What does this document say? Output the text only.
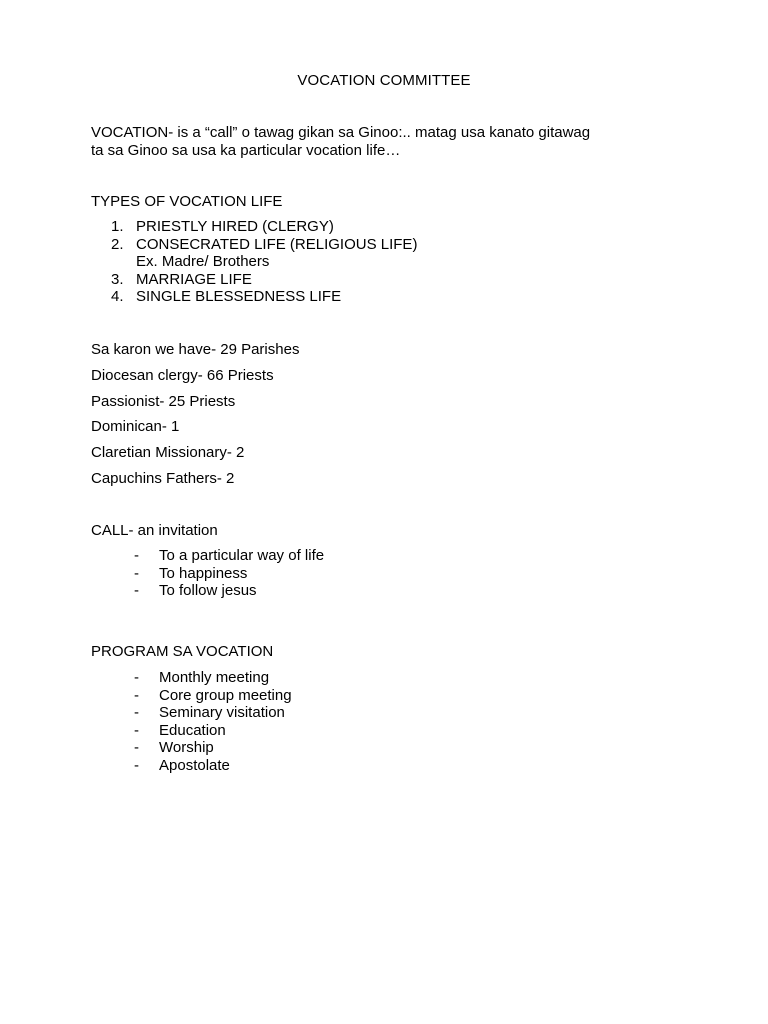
VOCATION COMMITTEE
VOCATION- is a “call” o tawag gikan sa Ginoo:.. matag usa kanato gitawag
ta sa Ginoo sa usa ka particular vocation life…
TYPES OF VOCATION LIFE
1. PRIESTLY HIRED (CLERGY)
2. CONSECRATED LIFE (RELIGIOUS LIFE)
Ex. Madre/ Brothers
3. MARRIAGE LIFE
4. SINGLE BLESSEDNESS LIFE
Sa karon we have- 29 Parishes
Diocesan clergy- 66 Priests
Passionist- 25 Priests
Dominican- 1
Claretian Missionary- 2
Capuchins Fathers- 2
CALL- an invitation
- To a particular way of life
- To happiness
- To follow jesus
PROGRAM SA VOCATION
- Monthly meeting
- Core group meeting
- Seminary visitation
- Education
- Worship
- Apostolate
